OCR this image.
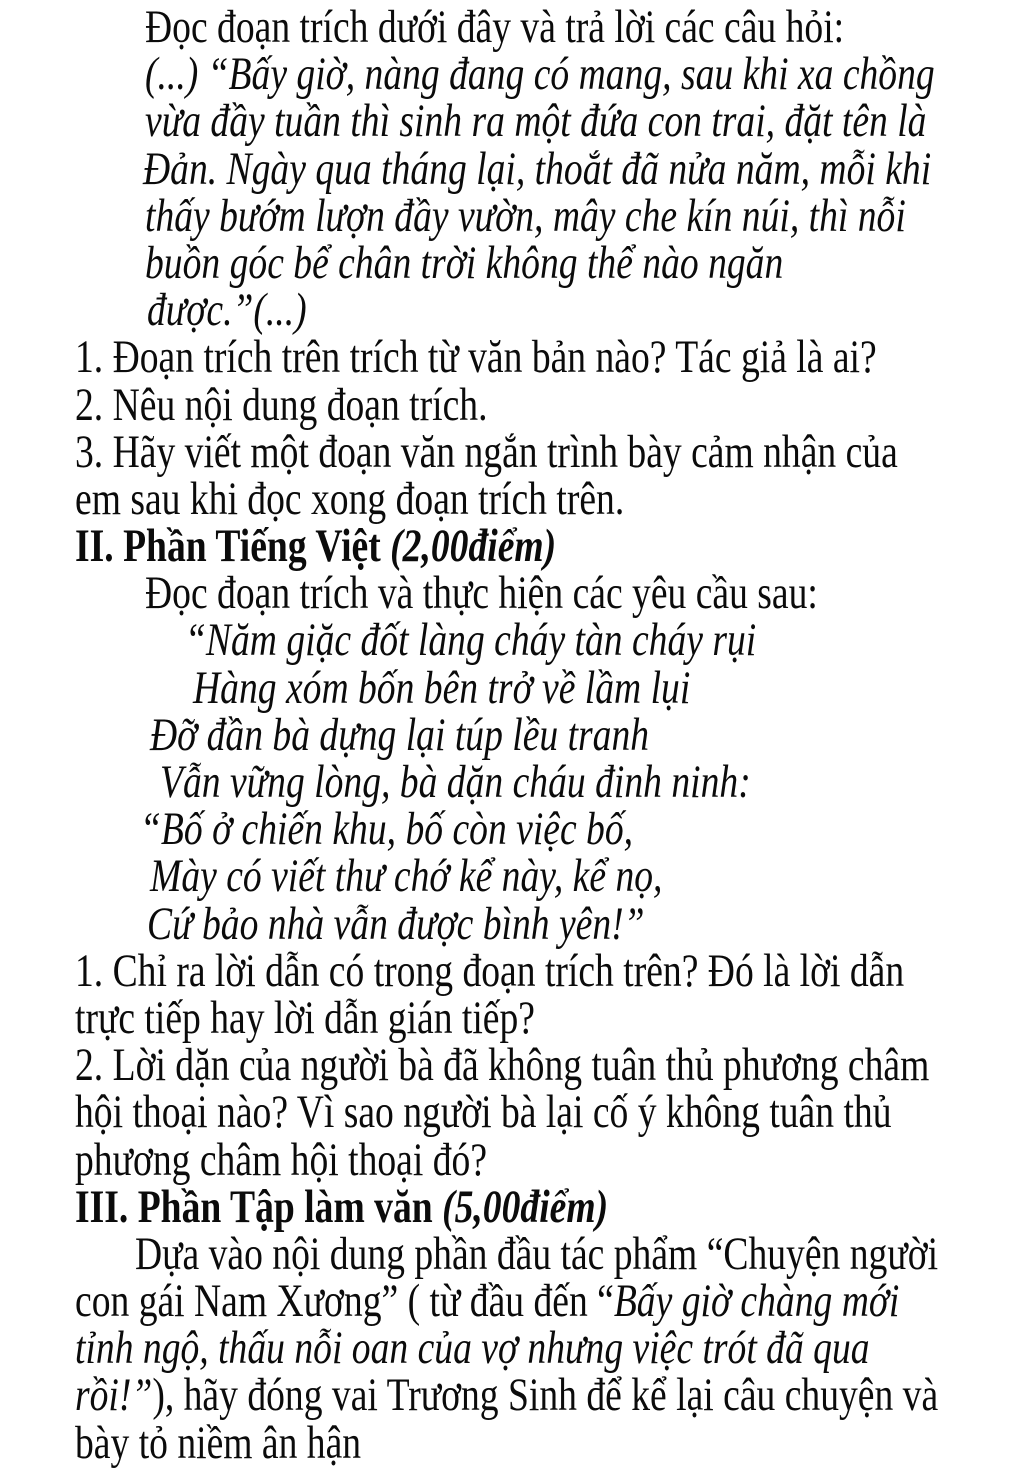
Đọc đoạn trích dưới đây và trả lời các câu hỏi:
(...) “Bấy giờ, nàng đang có mang, sau khi xa chồng
vừa đầy tuần thì sinh ra một đứa con trai, đặt tên là
Đản. Ngày qua tháng lại, thoắt đã nửa năm, mỗi khi
thấy bướm lượn đầy vườn, mây che kín núi, thì nỗi
buồn góc bể chân trời không thể nào ngăn
được.”(...)
1. Đoạn trích trên trích từ văn bản nào? Tác giả là ai?
2. Nêu nội dung đoạn trích.
3. Hãy viết một đoạn văn ngắn trình bày cảm nhận của
em sau khi đọc xong đoạn trích trên.
II. Phần Tiếng Việt (2,00điểm)
Đọc đoạn trích và thực hiện các yêu cầu sau:
“Năm giặc đốt làng cháy tàn cháy rụi
Hàng xóm bốn bên trở về lầm lụi
Đỡ đần bà dựng lại túp lều tranh
Vẫn vững lòng, bà dặn cháu đinh ninh:
“Bố ở chiến khu, bố còn việc bố,
Mày có viết thư chớ kể này, kể nọ,
Cứ bảo nhà vẫn được bình yên!”
1. Chỉ ra lời dẫn có trong đoạn trích trên? Đó là lời dẫn
trực tiếp hay lời dẫn gián tiếp?
2. Lời dặn của người bà đã không tuân thủ phương châm
hội thoại nào? Vì sao người bà lại cố ý không tuân thủ
phương châm hội thoại đó?
III. Phần Tập làm văn (5,00điểm)
Dựa vào nội dung phần đầu tác phẩm “Chuyện người
con gái Nam Xương” ( từ đầu đến “Bấy giờ chàng mới
tỉnh ngộ, thấu nỗi oan của vợ nhưng việc trót đã qua
rồi!”), hãy đóng vai Trương Sinh để kể lại câu chuyện và
bày tỏ niềm ân hận
